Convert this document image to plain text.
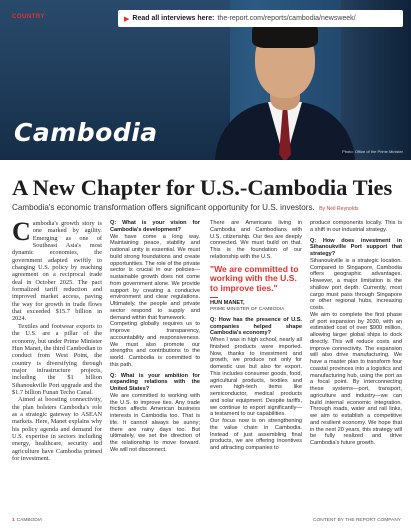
COUNTRY	▶ Read all interviews here: the-report.com/reports/cambodia/newsweek/
Cambodia
Photo: Office of the Prime Minister
A New Chapter for U.S.-Cambodia Ties
Cambodia's economic transformation offers significant opportunity for U.S. investors. By Neil Reynolds

Cambodia's growth story is one marked by agility. Emerging as one of Southeast Asia's most dynamic economies, the government adapted swiftly to changing U.S. policy by reaching agreement on a reciprocal trade deal in October 2025. The pact formalized tariff reduction and improved market access, paving the way for growth in trade flows that exceeded $15.7 billion in 2024.

Textiles and footwear exports to the U.S. are a pillar of the economy, but under Prime Minister Hun Manet, the third Cambodian to conduct from West Point, the country is diversifying through major infrastructure projects, including the $1 billion Sihanoukville Port upgrade and the $1.7 billion Funan Techo Canal.

Aimed at boosting connectivity, the plan bolsters Cambodia's role as a strategic gateway to ASEAN markets. Here, Manet explains why his policy agenda and demand for U.S. expertise in sectors including energy, healthcare, security and agriculture have Cambodia primed for investment.

Q: What is your vision for Cambodia's development?

We have come a long way. Maintaining peace, stability and national unity is essential. We must build strong foundations and create opportunities. The role of the private sector is crucial in our policies—sustainable growth does not come from government alone. We provide support by creating a conducive environment and clear regulations. Ultimately, the people and private sector respond to supply and demand within that framework.

Competing globally requires us to improve transparency, accountability and responsiveness. We must also promote our strengths and contributions to the world. Cambodia is committed to this path.

Q: What is your ambition for expanding relations with the United States?

We are committed to working with the U.S. to improve ties. Any trade friction affects American business interests in Cambodia too. That is life. It cannot always be sunny; there are rainy days too. But ultimately, we set the direction of the relationship to move forward. We will not disconnect.

There are Americans living in Cambodia and Cambodians with U.S. citizenship. Our ties are deeply connected. We must build on that. This is the foundation of our relationship with the U.S.

"We are committed to working with the U.S. to improve ties."
HUN MANET,
PRIME MINISTER OF CAMBODIA

Q: How has the presence of U.S. companies helped shape Cambodia's economy?

When I was in high school, nearly all finished products were imported. Now, thanks to investment and growth, we produce not only for domestic use but also for export. This includes consumer goods, food, agricultural products, textiles and even high-tech items like semiconductor, medical products and solar equipment. Despite tariffs, we continue to export significantly—a testament to our capabilities.

Our focus now is on strengthening the value chain in Cambodia. Instead of just assembling final products, we are offering incentives and attracting companies to

produce components locally. This is a shift in our industrial strategy.

Q: How does investment in Sihanoukville Port support that strategy?

Sihanoukville is a strategic location. Compared to Singapore, Cambodia offers geographic advantages. However, a major limitation is the shallow port depth. Currently, most cargo must pass through Singapore or other regional hubs, increasing costs.

We aim to complete the first phase of port expansion by 2030, with an estimated cost of over $900 million, allowing larger global ships to dock directly. This will reduce costs and improve connectivity. The expansion will also drive manufacturing. We have a master plan to transform four coastal provinces into a logistics and manufacturing hub, using the port as a focal point. By interconnecting these systems—port, transport, agriculture and industry—we can build internal economic integration. Through roads, water and rail links, we aim to establish a competitive and resilient economy. We hope that in the next 20 years, this strategy will be fully realized and drive Cambodia's future growth.

1 CAMBODIA	CONTENT BY THE REPORT COMPANY
